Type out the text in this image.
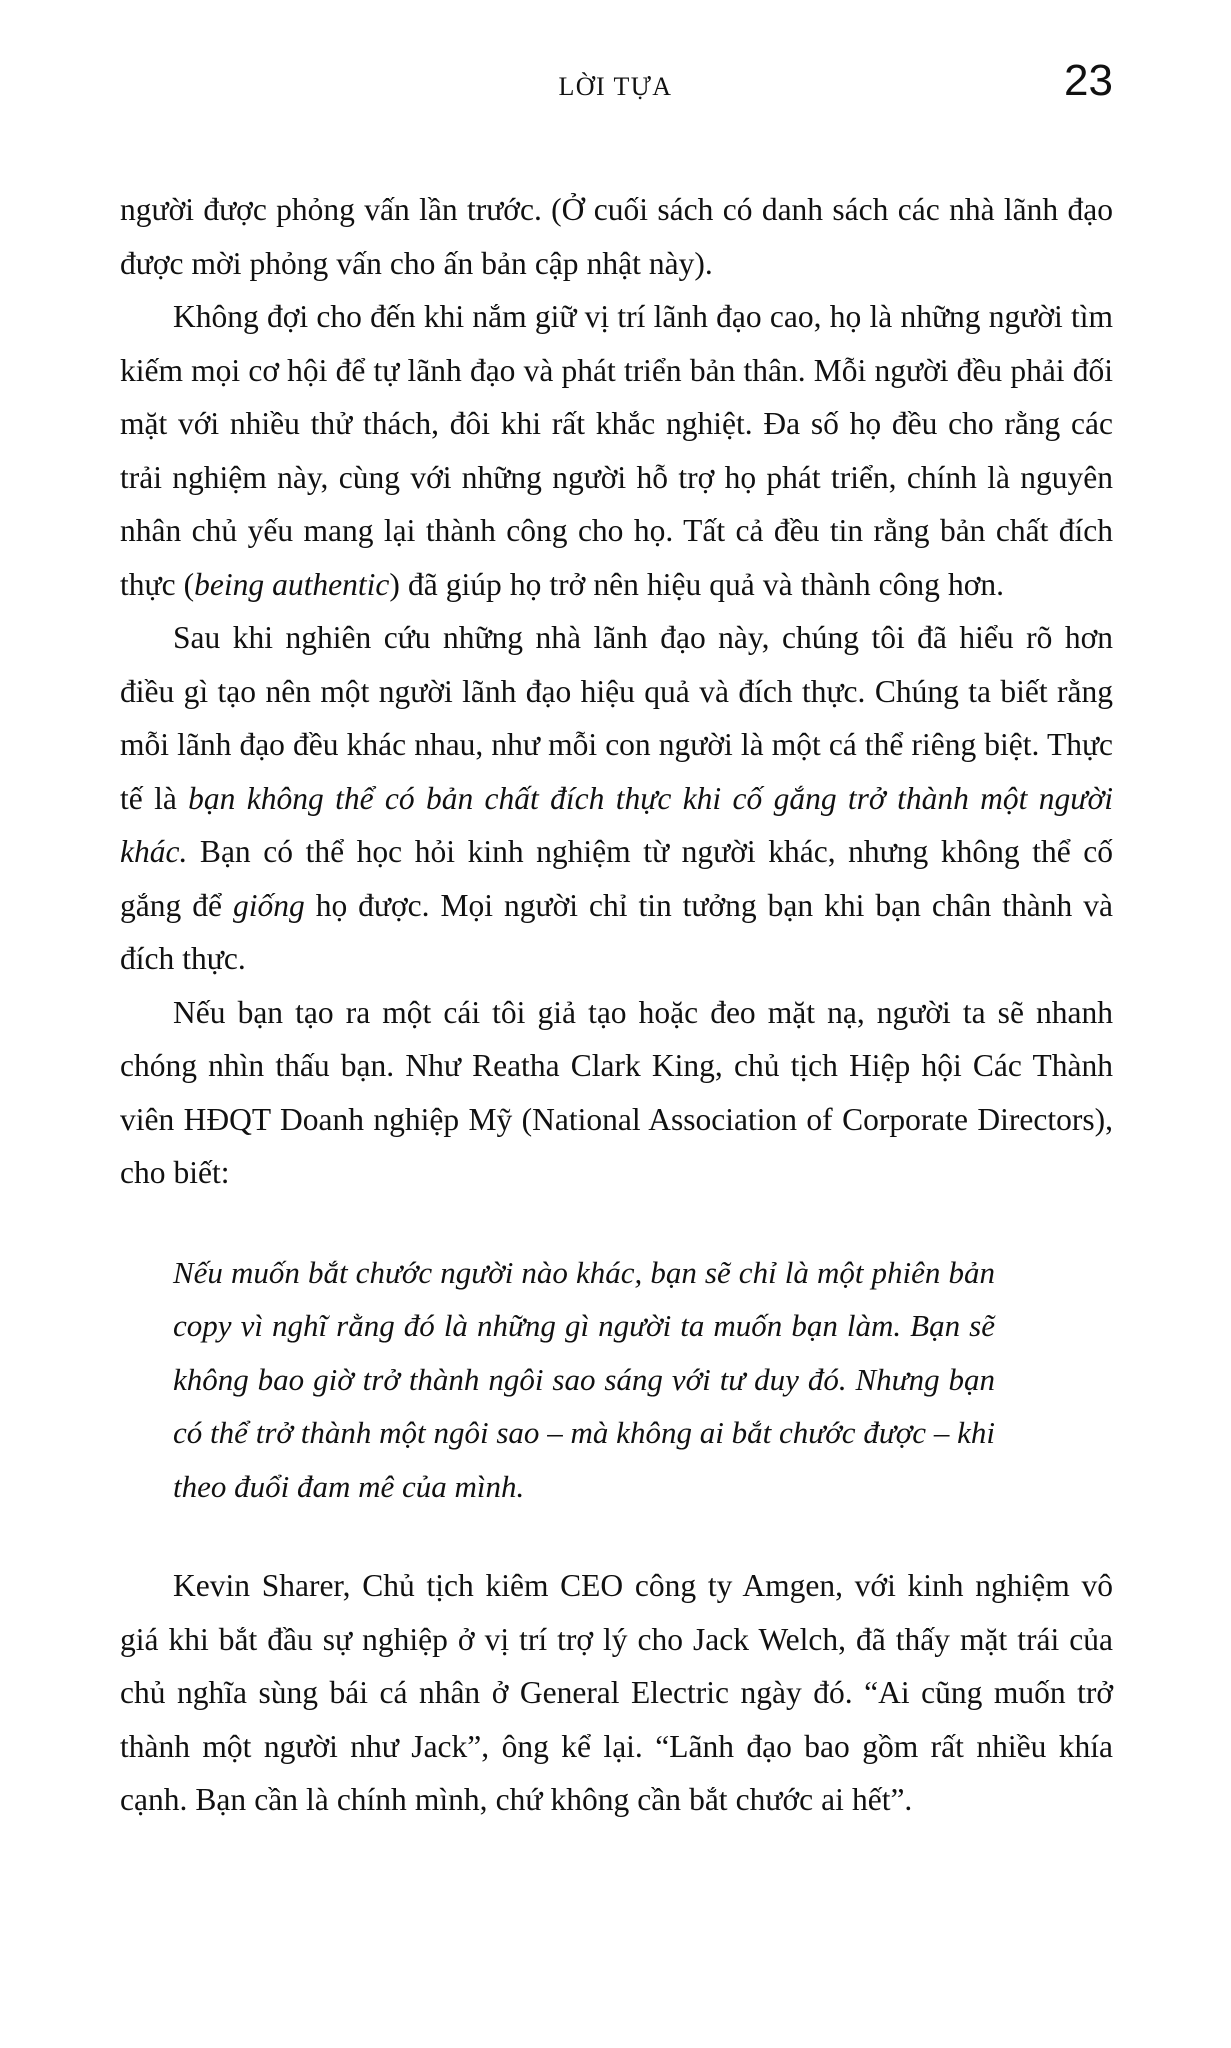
LỜI TỰA	23

người được phỏng vấn lần trước. (Ở cuối sách có danh sách các nhà lãnh đạo được mời phỏng vấn cho ấn bản cập nhật này).

Không đợi cho đến khi nắm giữ vị trí lãnh đạo cao, họ là những người tìm kiếm mọi cơ hội để tự lãnh đạo và phát triển bản thân. Mỗi người đều phải đối mặt với nhiều thử thách, đôi khi rất khắc nghiệt. Đa số họ đều cho rằng các trải nghiệm này, cùng với những người hỗ trợ họ phát triển, chính là nguyên nhân chủ yếu mang lại thành công cho họ. Tất cả đều tin rằng bản chất đích thực (being authentic) đã giúp họ trở nên hiệu quả và thành công hơn.

Sau khi nghiên cứu những nhà lãnh đạo này, chúng tôi đã hiểu rõ hơn điều gì tạo nên một người lãnh đạo hiệu quả và đích thực. Chúng ta biết rằng mỗi lãnh đạo đều khác nhau, như mỗi con người là một cá thể riêng biệt. Thực tế là bạn không thể có bản chất đích thực khi cố gắng trở thành một người khác. Bạn có thể học hỏi kinh nghiệm từ người khác, nhưng không thể cố gắng để giống họ được. Mọi người chỉ tin tưởng bạn khi bạn chân thành và đích thực.

Nếu bạn tạo ra một cái tôi giả tạo hoặc đeo mặt nạ, người ta sẽ nhanh chóng nhìn thấu bạn. Như Reatha Clark King, chủ tịch Hiệp hội Các Thành viên HĐQT Doanh nghiệp Mỹ (National Association of Corporate Directors), cho biết:

Nếu muốn bắt chước người nào khác, bạn sẽ chỉ là một phiên bản copy vì nghĩ rằng đó là những gì người ta muốn bạn làm. Bạn sẽ không bao giờ trở thành ngôi sao sáng với tư duy đó. Nhưng bạn có thể trở thành một ngôi sao – mà không ai bắt chước được – khi theo đuổi đam mê của mình.

Kevin Sharer, Chủ tịch kiêm CEO công ty Amgen, với kinh nghiệm vô giá khi bắt đầu sự nghiệp ở vị trí trợ lý cho Jack Welch, đã thấy mặt trái của chủ nghĩa sùng bái cá nhân ở General Electric ngày đó. “Ai cũng muốn trở thành một người như Jack”, ông kể lại. “Lãnh đạo bao gồm rất nhiều khía cạnh. Bạn cần là chính mình, chứ không cần bắt chước ai hết”.
